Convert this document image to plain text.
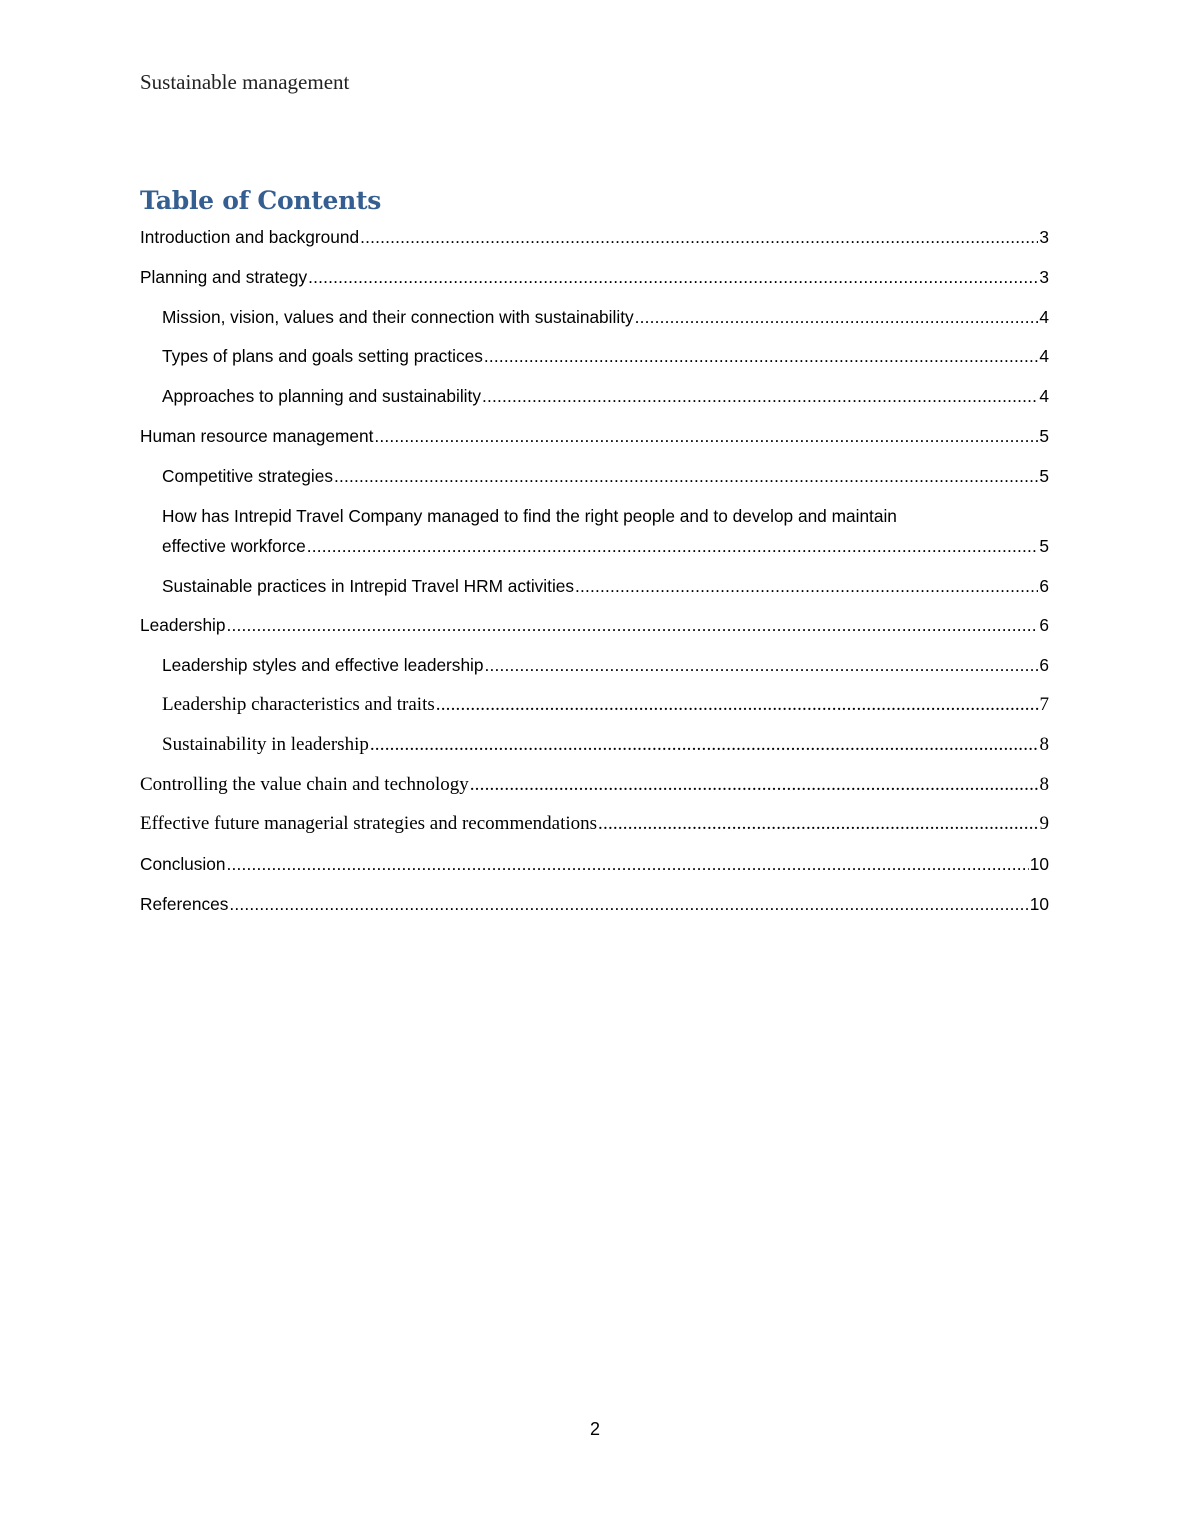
Sustainable management
Table of Contents
Introduction and background .....	3
Planning and strategy .....	3
Mission, vision, values and their connection with sustainability .....	4
Types of plans and goals setting practices .....	4
Approaches to planning and sustainability .....	4
Human resource management .....	5
Competitive strategies .....	5
How has Intrepid Travel Company managed to find the right people and to develop and maintain
effective workforce .....	5
Sustainable practices in Intrepid Travel HRM activities .....	6
Leadership .....	6
Leadership styles and effective leadership .....	6
Leadership characteristics and traits .....	7
Sustainability in leadership .....	8
Controlling the value chain and technology .....	8
Effective future managerial strategies and recommendations .....	9
Conclusion .....	10
References .....	10
2
